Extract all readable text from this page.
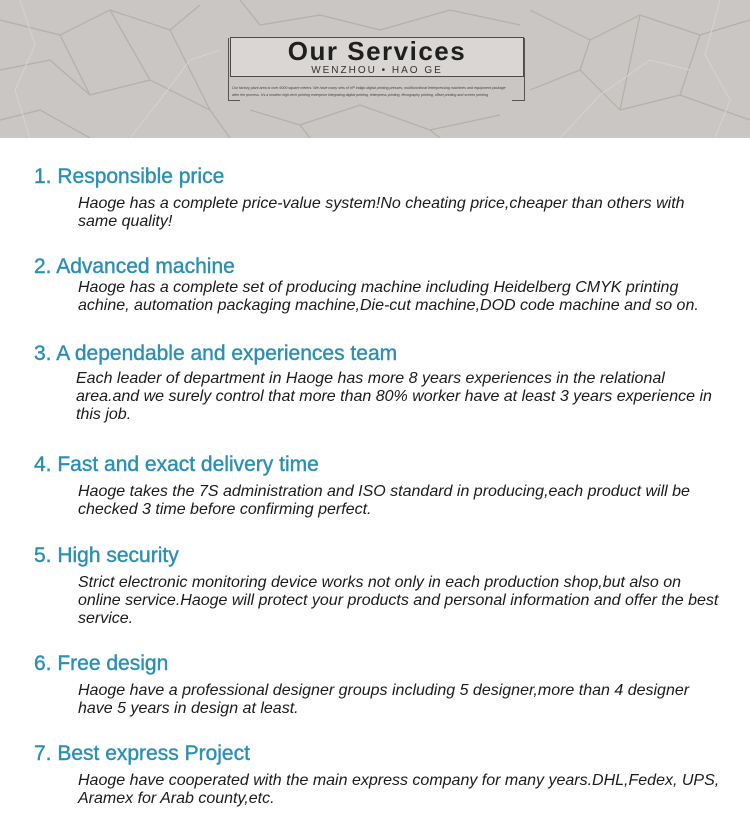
Our Services
WENZHOU • HAO GE
Our factory plant area is over 6000 square meters. We have many sets of HP Indigo digital printing presses, multifunctional letterpressing machines and equipment package
after the process. It's a modern high-tech printing enterprise integrating digital printing, letterpress printing, flexography printing, offset printing and screen printing
1. Responsible price

Haoge has a complete price-value system!No cheating price,cheaper than others with same quality!

2. Advanced machine

Haoge has a complete set of producing machine including Heidelberg CMYK printing achine, automation packaging machine,Die-cut machine,DOD code machine and so on.

3. A dependable and experiences team

Each leader of department in Haoge has more 8 years experiences in the relational area.and we surely control that more than 80% worker have at least 3 years experience in this job.

4. Fast and exact delivery time

Haoge takes the 7S administration and ISO standard in producing,each product will be checked 3 time before confirming perfect.

5. High security

Strict electronic monitoring device works not only in each production shop,but also on online service.Haoge will protect your products and personal information and offer the best service.

6. Free design

Haoge have a professional designer groups including 5 designer,more than 4 designer have 5 years in design at least.

7. Best express Project

Haoge have cooperated with the main express company for many years.DHL,Fedex, UPS, Aramex for Arab county,etc.
